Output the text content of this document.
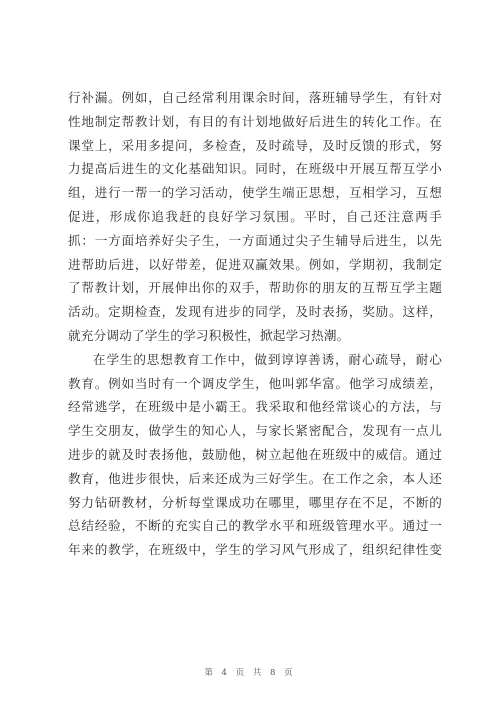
行补漏。例如，自己经常利用课余时间，落班辅导学生，有针对
性地制定帮教计划，有目的有计划地做好后进生的转化工作。在
课堂上，采用多提问，多检查，及时疏导，及时反馈的形式，努
力提高后进生的文化基础知识。同时，在班级中开展互帮互学小
组，进行一帮一的学习活动，使学生端正思想，互相学习，互想
促进，形成你追我赶的良好学习氛围。平时，自己还注意两手
抓：一方面培养好尖子生，一方面通过尖子生辅导后进生，以先
进帮助后进，以好带差，促进双赢效果。例如，学期初，我制定
了帮教计划，开展伸出你的双手，帮助你的朋友的互帮互学主题
活动。定期检查，发现有进步的同学，及时表扬，奖励。这样，
就充分调动了学生的学习积极性，掀起学习热潮。
在学生的思想教育工作中，做到谆谆善诱，耐心疏导，耐心
教育。例如当时有一个调皮学生，他叫郭华富。他学习成绩差，
经常逃学，在班级中是小霸王。我采取和他经常谈心的方法，与
学生交朋友，做学生的知心人，与家长紧密配合，发现有一点儿
进步的就及时表扬他，鼓励他，树立起他在班级中的威信。通过
教育，他进步很快，后来还成为三好学生。在工作之余，本人还
努力钻研教材，分析每堂课成功在哪里，哪里存在不足，不断的
总结经验，不断的充实自己的教学水平和班级管理水平。通过一
年来的教学，在班级中，学生的学习风气形成了，组织纪律性变
第 4 页 共 8 页
